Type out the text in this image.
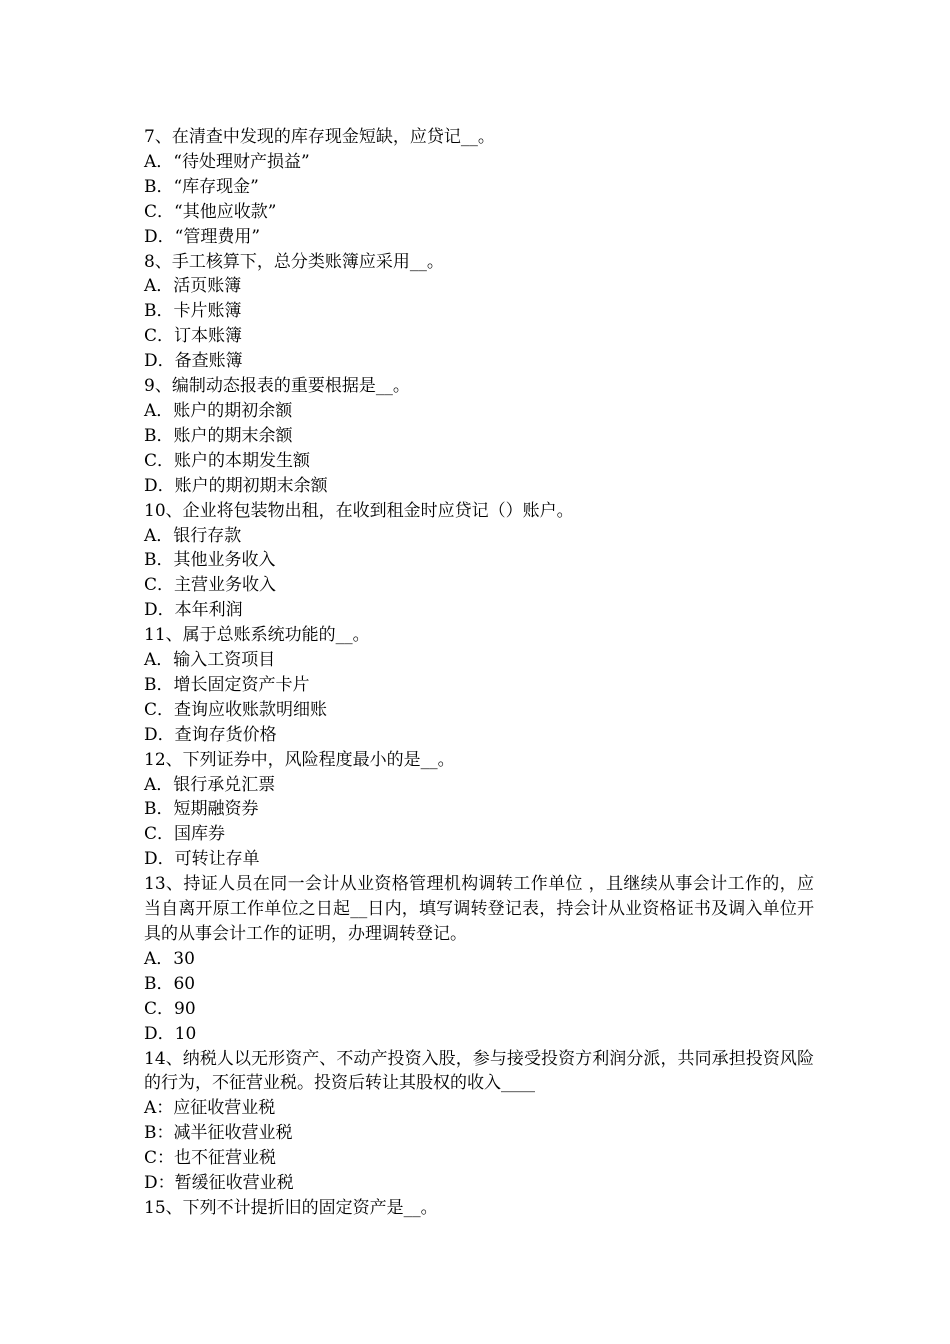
7、在清查中发现的库存现金短缺，应贷记__。
A．“待处理财产损益”
B．“库存现金”
C．“其他应收款”
D．“管理费用”
8、手工核算下，总分类账簿应采用__。
A．活页账簿
B．卡片账簿
C．订本账簿
D．备查账簿
9、编制动态报表的重要根据是__。
A．账户的期初余额
B．账户的期末余额
C．账户的本期发生额
D．账户的期初期末余额
10、企业将包装物出租，在收到租金时应贷记（）账户。
A．银行存款
B．其他业务收入
C．主营业务收入
D．本年利润
11、属于总账系统功能的__。
A．输入工资项目
B．增长固定资产卡片
C．查询应收账款明细账
D．查询存货价格
12、下列证券中，风险程度最小的是__。
A．银行承兑汇票
B．短期融资券
C．国库券
D．可转让存单
13、持证人员在同一会计从业资格管理机构调转工作单位 ，且继续从事会计工作的，应当自离开原工作单位之日起__日内，填写调转登记表，持会计从业资格证书及调入单位开具的从事会计工作的证明，办理调转登记。
A．30
B．60
C．90
D．10
14、纳税人以无形资产、不动产投资入股，参与接受投资方利润分派，共同承担投资风险的行为，不征营业税。投资后转让其股权的收入____
A：应征收营业税
B：减半征收营业税
C：也不征营业税
D：暂缓征收营业税
15、下列不计提折旧的固定资产是__。
